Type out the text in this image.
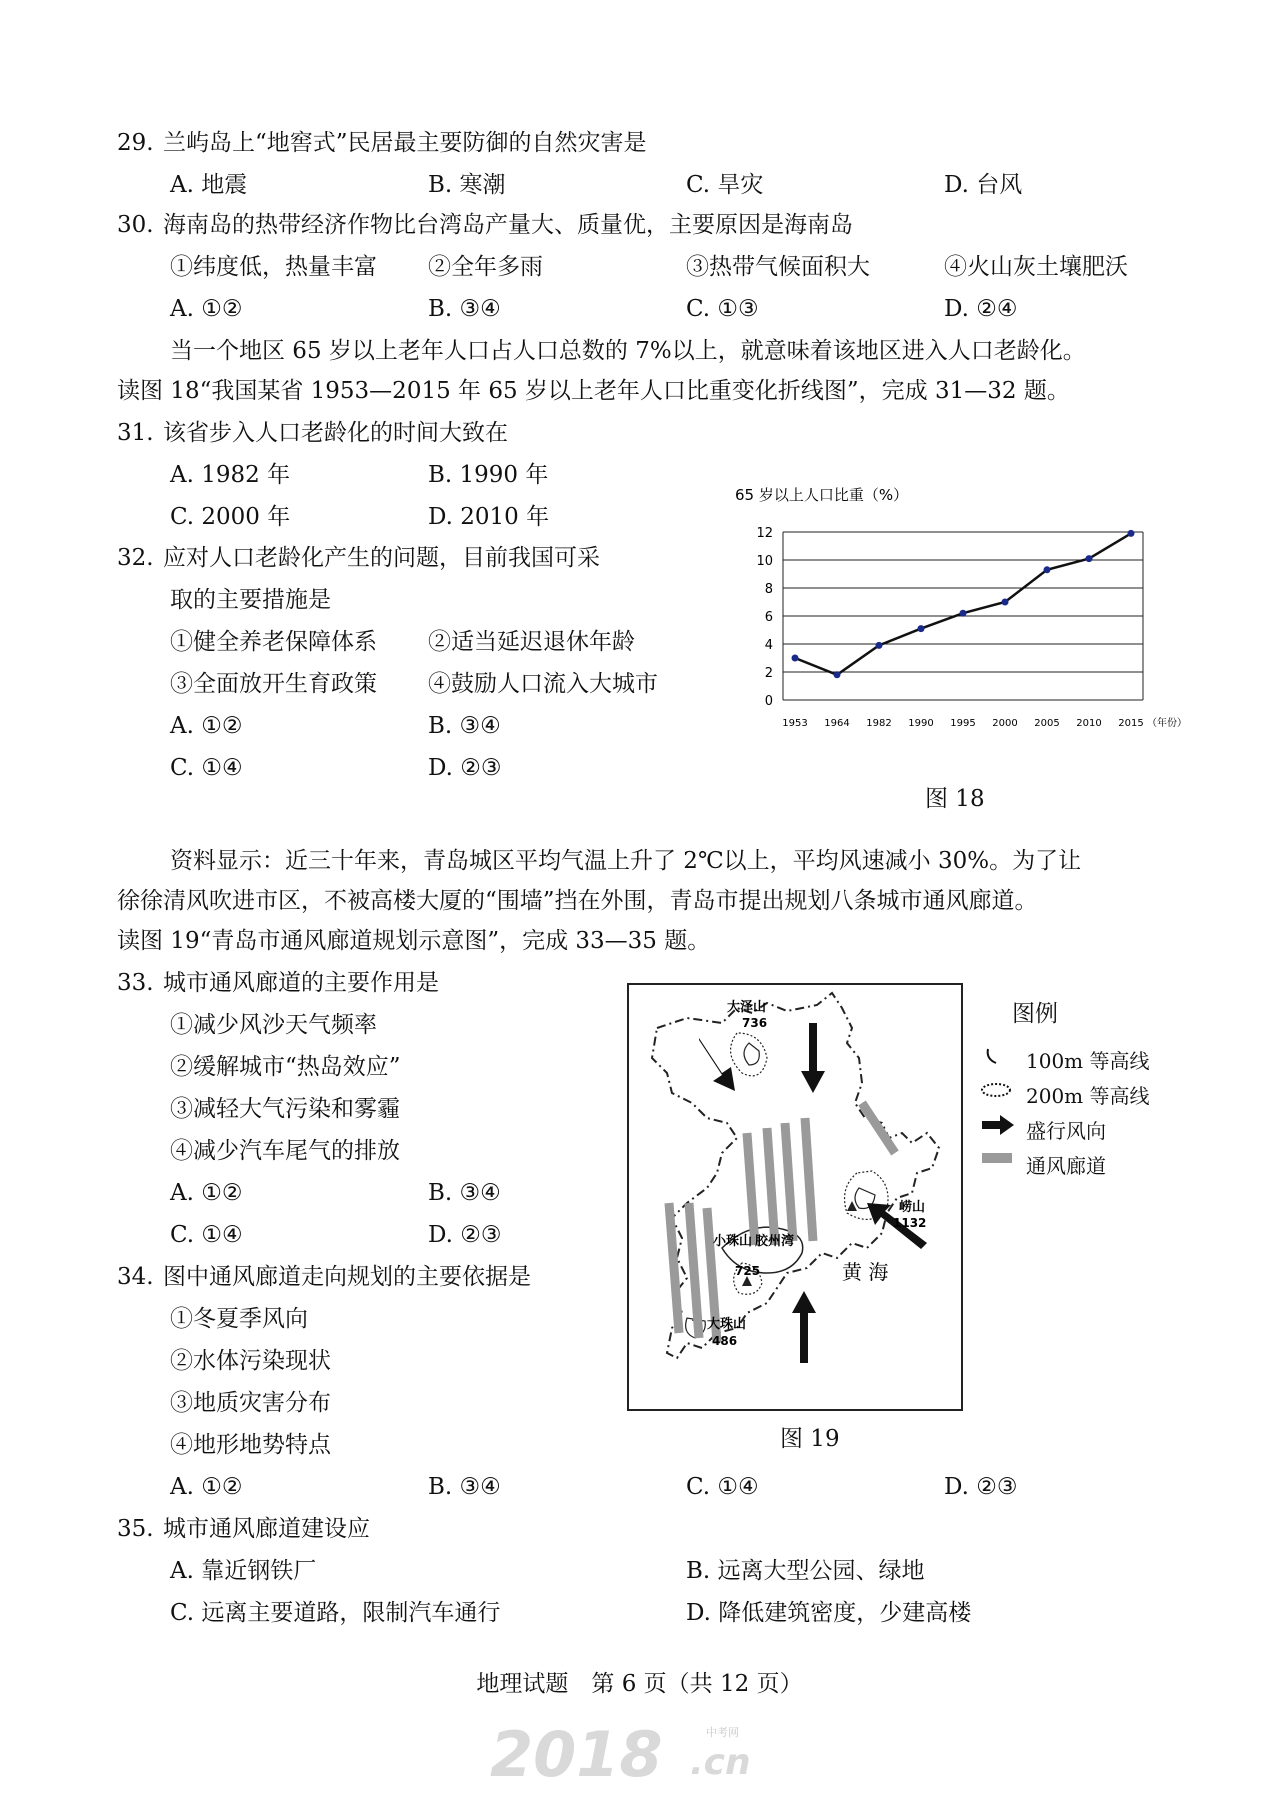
29. 兰屿岛上“地窖式”民居最主要防御的自然灾害是
A. 地震	B. 寒潮	C. 旱灾	D. 台风
30. 海南岛的热带经济作物比台湾岛产量大、质量优，主要原因是海南岛
①纬度低，热量丰富 ②全年多雨	③热带气候面积大	④火山灰土壤肥沃
A. ①②	B. ③④	C. ①③	D. ②④
当一个地区 65 岁以上老年人口占人口总数的 7%以上，就意味着该地区进入人口老龄化。
读图 18“我国某省 1953—2015 年 65 岁以上老年人口比重变化折线图”，完成 31—32 题。
31. 该省步入人口老龄化的时间大致在
A. 1982 年	B. 1990 年
C. 2000 年	D. 2010 年
32. 应对人口老龄化产生的问题，目前我国可采
取的主要措施是
①健全养老保障体系 ②适当延迟退休年龄
③全面放开生育政策 ④鼓励人口流入大城市
A. ①②	B. ③④
C. ①④	D. ②③
65 岁以上人口比重（%）
0
2
4
6
8
10
12
1953 1964 1982 1990 1995 2000 2005 2010 2015 （年份）
图 18
资料显示：近三十年来，青岛城区平均气温上升了 2℃以上，平均风速减小 30%。为了让
徐徐清风吹进市区，不被高楼大厦的“围墙”挡在外围，青岛市提出规划八条城市通风廊道。
读图 19“青岛市通风廊道规划示意图”，完成 33—35 题。
33. 城市通风廊道的主要作用是
①减少风沙天气频率
②缓解城市“热岛效应”
③减轻大气污染和雾霾
④减少汽车尾气的排放
A. ①②	B. ③④
C. ①④	D. ②③
34. 图中通风廊道走向规划的主要依据是
①冬夏季风向
②水体污染现状
③地质灾害分布
④地形地势特点
A. ①②	B. ③④	C. ①④	D. ②③
大泽山
736
崂山
1132
小珠山 胶州湾
725
大珠山
486
黄 海
图 19
图例
100m 等高线
200m 等高线
盛行风向
通风廊道
35. 城市通风廊道建设应
A. 靠近钢铁厂	B. 远离大型公园、绿地
C. 远离主要道路，限制汽车通行	D. 降低建筑密度，少建高楼
地理试题　第 6 页（共 12 页）
2018 .cn
中考网
